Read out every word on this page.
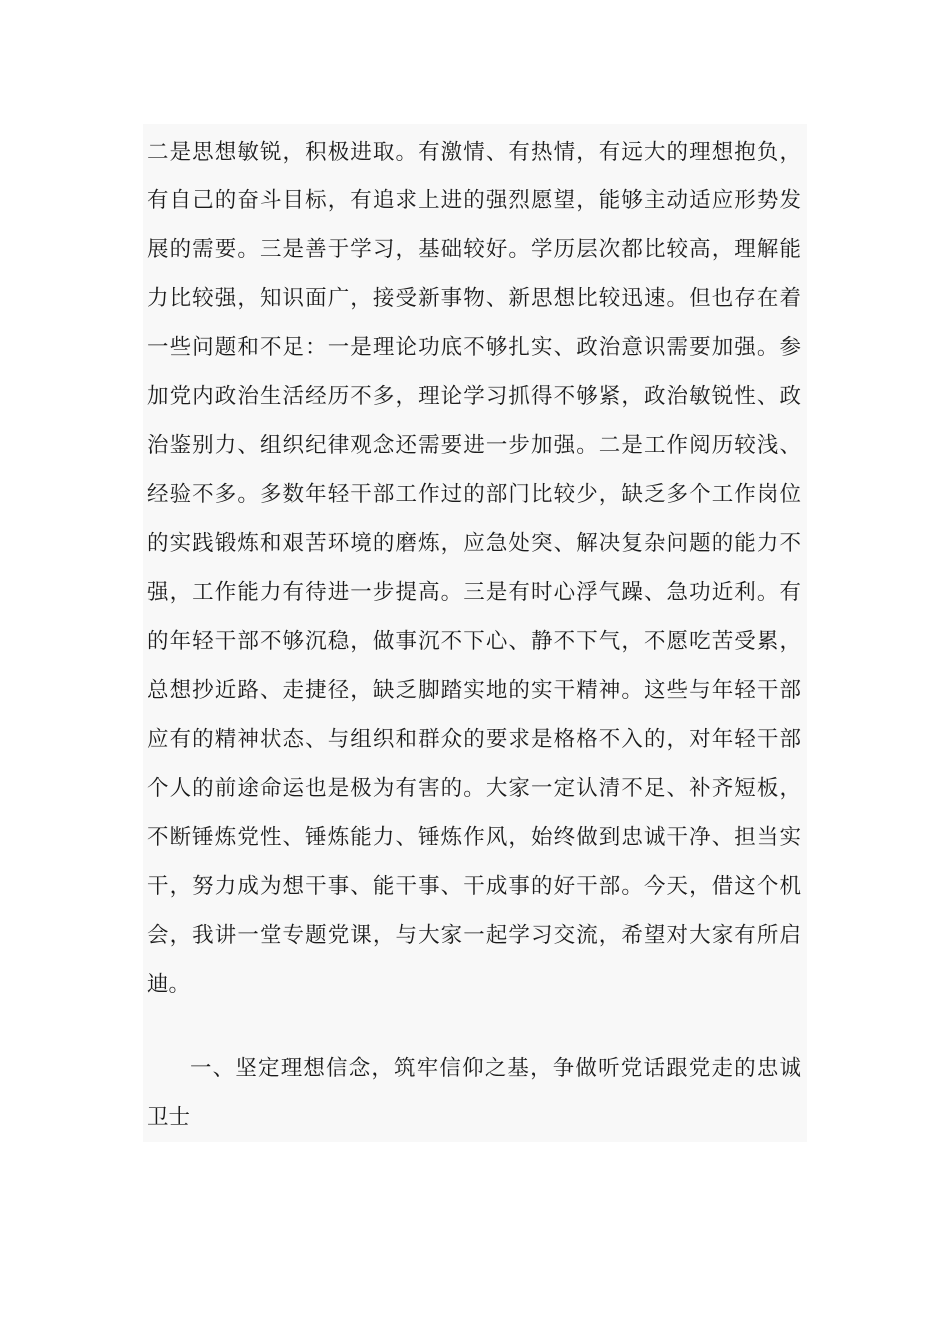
二是思想敏锐，积极进取。有激情、有热情，有远大的理想抱负，
有自己的奋斗目标，有追求上进的强烈愿望，能够主动适应形势发
展的需要。三是善于学习，基础较好。学历层次都比较高，理解能
力比较强，知识面广，接受新事物、新思想比较迅速。但也存在着
一些问题和不足：一是理论功底不够扎实、政治意识需要加强。参
加党内政治生活经历不多，理论学习抓得不够紧，政治敏锐性、政
治鉴别力、组织纪律观念还需要进一步加强。二是工作阅历较浅、
经验不多。多数年轻干部工作过的部门比较少，缺乏多个工作岗位
的实践锻炼和艰苦环境的磨炼，应急处突、解决复杂问题的能力不
强，工作能力有待进一步提高。三是有时心浮气躁、急功近利。有
的年轻干部不够沉稳，做事沉不下心、静不下气，不愿吃苦受累，
总想抄近路、走捷径，缺乏脚踏实地的实干精神。这些与年轻干部
应有的精神状态、与组织和群众的要求是格格不入的，对年轻干部
个人的前途命运也是极为有害的。大家一定认清不足、补齐短板，
不断锤炼党性、锤炼能力、锤炼作风，始终做到忠诚干净、担当实
干，努力成为想干事、能干事、干成事的好干部。今天，借这个机
会，我讲一堂专题党课，与大家一起学习交流，希望对大家有所启
迪。
一、坚定理想信念，筑牢信仰之基，争做听党话跟党走的忠诚
卫士
